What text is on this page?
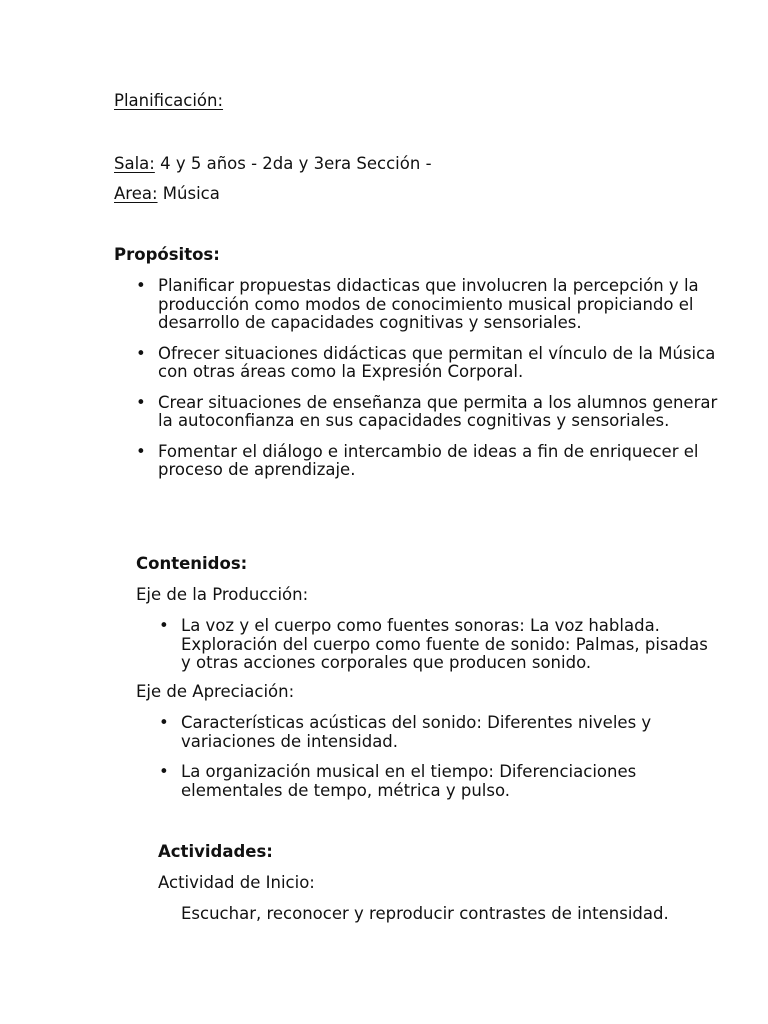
Planificación:
Sala: 4 y 5 años - 2da y 3era Sección -
Area: Música
Propósitos:
• Planificar propuestas didacticas que involucren la percepción y la producción como modos de conocimiento musical propiciando el desarrollo de capacidades cognitivas y sensoriales.
• Ofrecer situaciones didácticas que permitan el vínculo de la Música con otras áreas como la Expresión Corporal.
• Crear situaciones de enseñanza que permita a los alumnos generar la autoconfianza en sus capacidades cognitivas y sensoriales.
• Fomentar el diálogo e intercambio de ideas a fin de enriquecer el proceso de aprendizaje.
Contenidos:
Eje de la Producción:
• La voz y el cuerpo como fuentes sonoras: La voz hablada. Exploración del cuerpo como fuente de sonido: Palmas, pisadas y otras acciones corporales que producen sonido.
Eje de Apreciación:
• Características acústicas del sonido: Diferentes niveles y variaciones de intensidad.
• La organización musical en el tiempo: Diferenciaciones elementales de tempo, métrica y pulso.
Actividades:
Actividad de Inicio:
Escuchar, reconocer y reproducir contrastes de intensidad.
